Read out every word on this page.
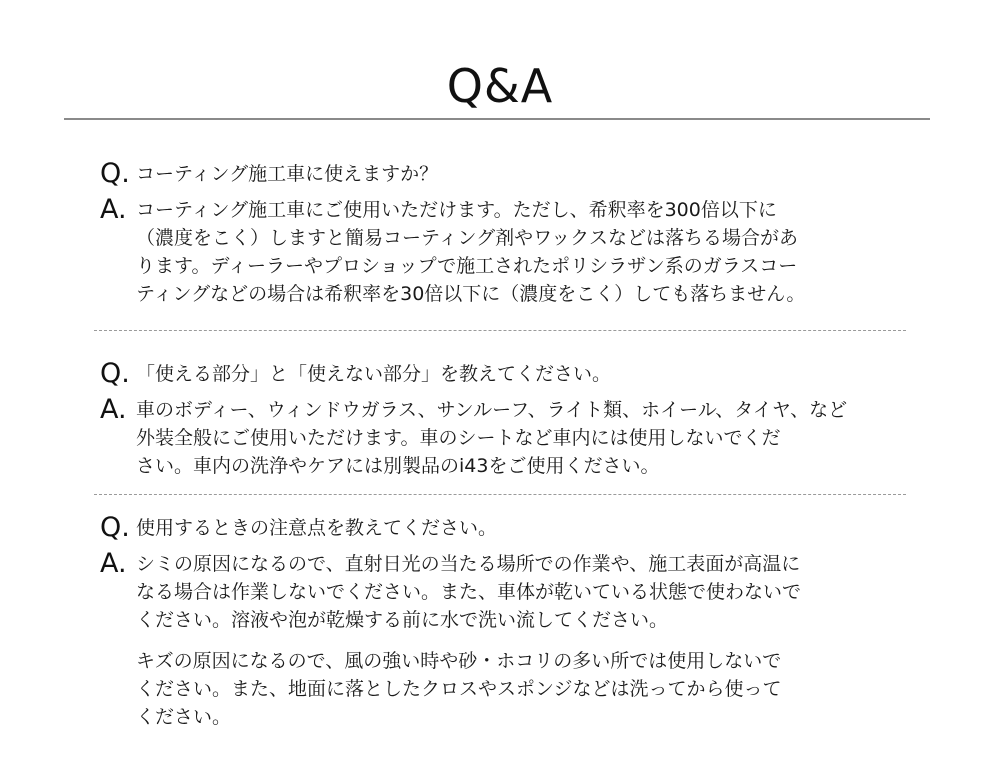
Q&A
Q. コーティング施工車に使えますか？
A. コーティング施工車にご使用いただけます。ただし、希釈率を300倍以下に
（濃度をこく）しますと簡易コーティング剤やワックスなどは落ちる場合があ
ります。ディーラーやプロショップで施工されたポリシラザン系のガラスコー
ティングなどの場合は希釈率を30倍以下に（濃度をこく）しても落ちません。
Q. 「使える部分」と「使えない部分」を教えてください。
A. 車のボディー、ウィンドウガラス、サンルーフ、ライト類、ホイール、タイヤ、など
外装全般にご使用いただけます。車のシートなど車内には使用しないでくだ
さい。車内の洗浄やケアには別製品のi43をご使用ください。
Q. 使用するときの注意点を教えてください。
A. シミの原因になるので、直射日光の当たる場所での作業や、施工表面が高温に
なる場合は作業しないでください。また、車体が乾いている状態で使わないで
ください。溶液や泡が乾燥する前に水で洗い流してください。
キズの原因になるので、風の強い時や砂・ホコリの多い所では使用しないで
ください。また、地面に落としたクロスやスポンジなどは洗ってから使って
ください。
